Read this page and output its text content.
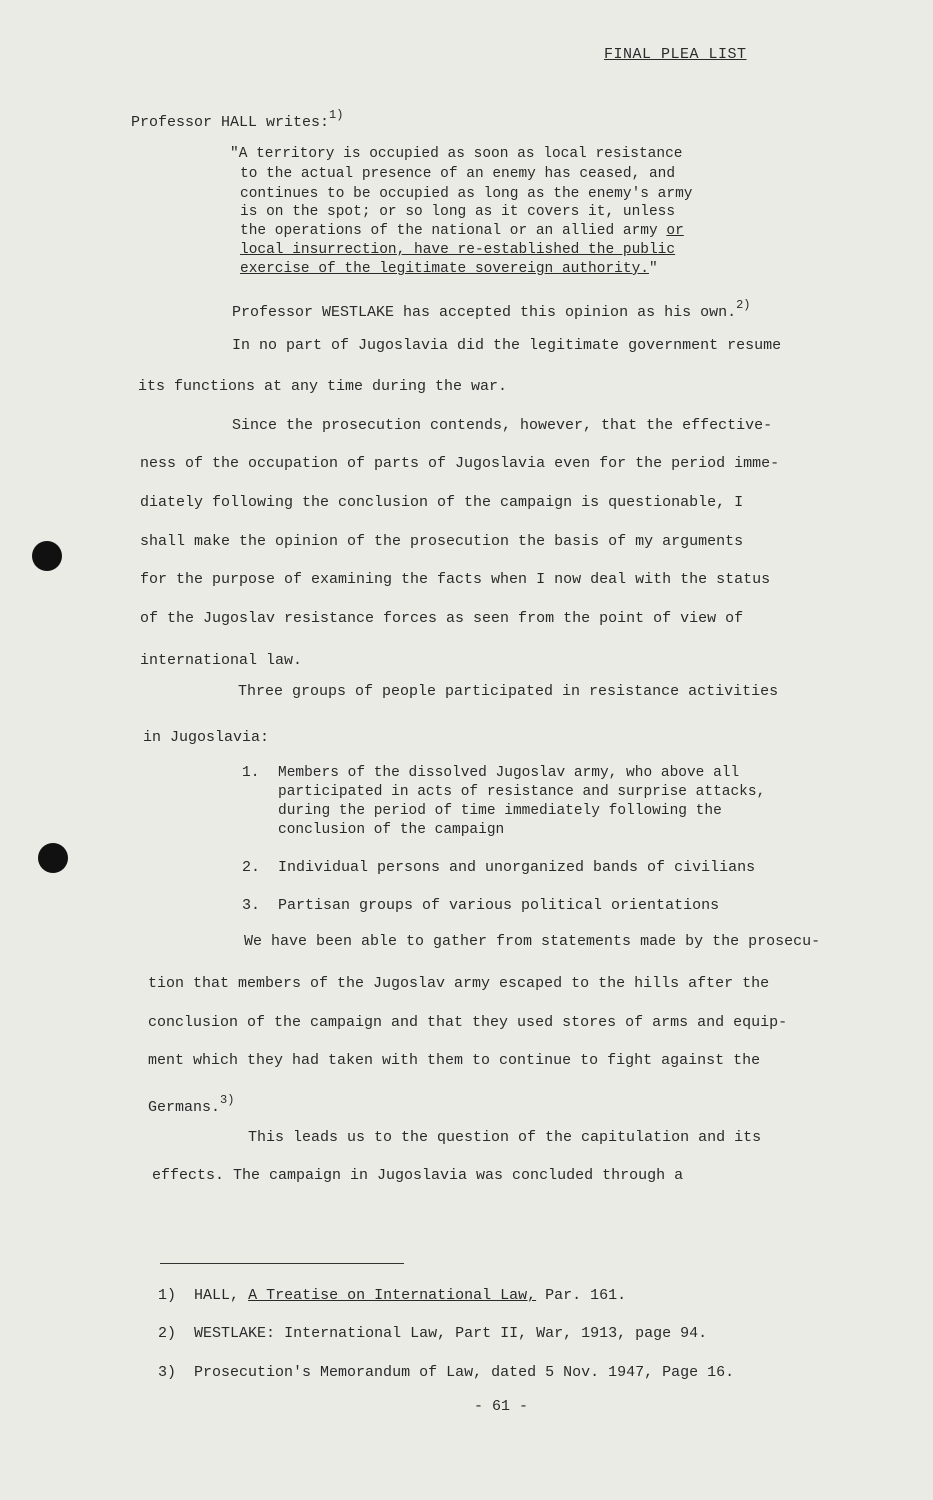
FINAL PLEA LIST
Professor HALL writes:$^{1)}$
"A territory is occupied as soon as local resistance
to the actual presence of an enemy has ceased, and
continues to be occupied as long as the enemy's army
is on the spot; or so long as it covers it, unless
the operations of the national or an allied army or
local insurrection, have re-established the public
exercise of the legitimate sovereign authority."
Professor WESTLAKE has accepted this opinion as his own.$^{2)}$
In no part of Jugoslavia did the legitimate government resume
its functions at any time during the war.
Since the prosecution contends, however, that the effective-
ness of the occupation of parts of Jugoslavia even for the period imme-
diately following the conclusion of the campaign is questionable, I
shall make the opinion of the prosecution the basis of my arguments
for the purpose of examining the facts when I now deal with the status
of the Jugoslav resistance forces as seen from the point of view of
international law.
Three groups of people participated in resistance activities
in Jugoslavia:
1. Members of the dissolved Jugoslav army, who above all
participated in acts of resistance and surprise attacks,
during the period of time immediately following the
conclusion of the campaign
2. Individual persons and unorganized bands of civilians
3. Partisan groups of various political orientations
We have been able to gather from statements made by the prosecu-
tion that members of the Jugoslav army escaped to the hills after the
conclusion of the campaign and that they used stores of arms and equip-
ment which they had taken with them to continue to fight against the
Germans.$^{3)}$
This leads us to the question of the capitulation and its
effects. The campaign in Jugoslavia was concluded through a
1) HALL, A Treatise on International Law, Par. 161.
2) WESTLAKE: International Law, Part II, War, 1913, page 94.
3) Prosecution's Memorandum of Law, dated 5 Nov. 1947, Page 16.
- 61 -
